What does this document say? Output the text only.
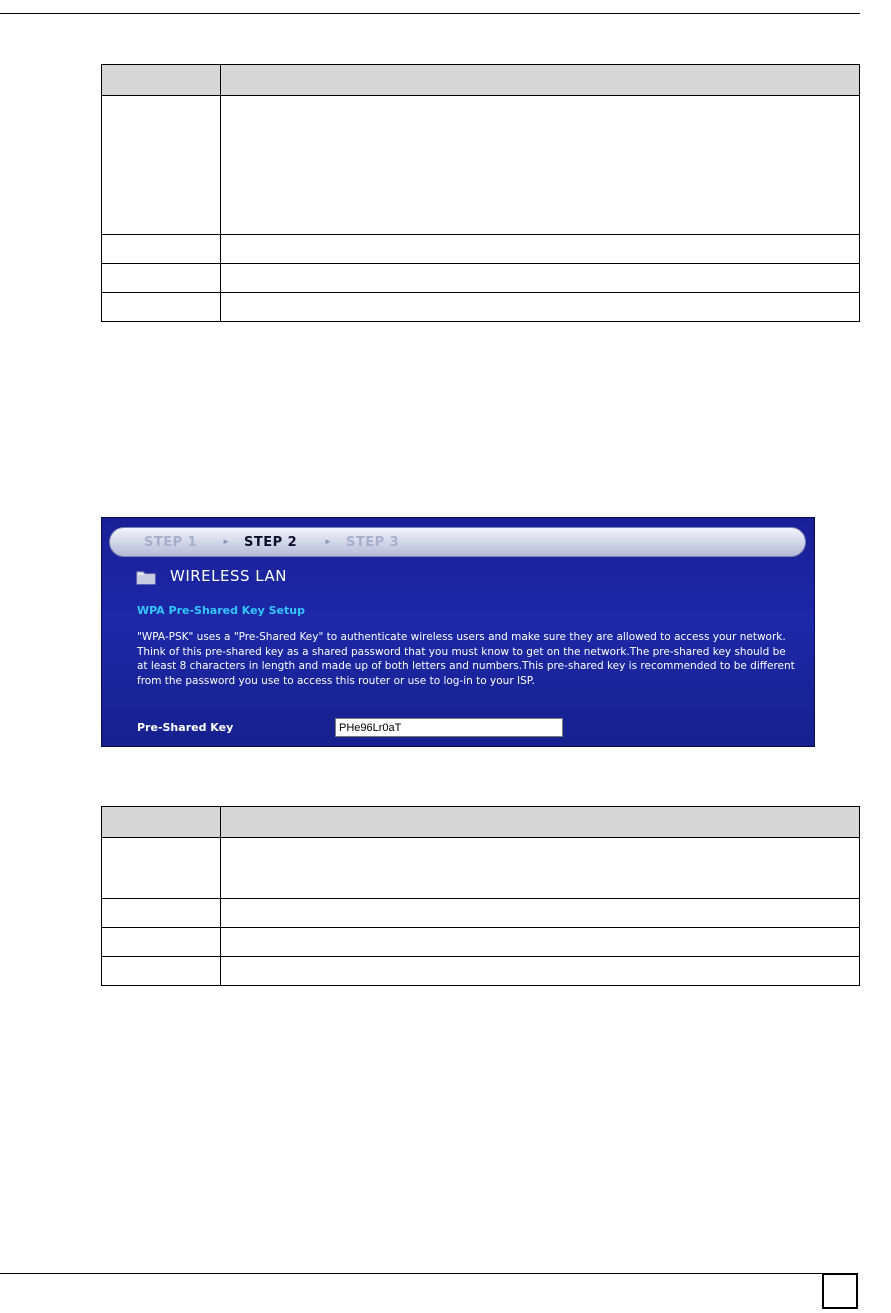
STEP 1	► STEP 2	► STEP 3
WIRELESS LAN
WPA Pre-Shared Key Setup
"WPA-PSK" uses a "Pre-Shared Key" to authenticate wireless users and make sure they are allowed to access your network. Think of this pre-shared key as a shared password that you must know to get on the network.The pre-shared key should be at least 8 characters in length and made up of both letters and numbers.This pre-shared key is recommended to be different from the password you use to access this router or use to log-in to your ISP.
Pre-Shared Key
PHe96Lr0aT
